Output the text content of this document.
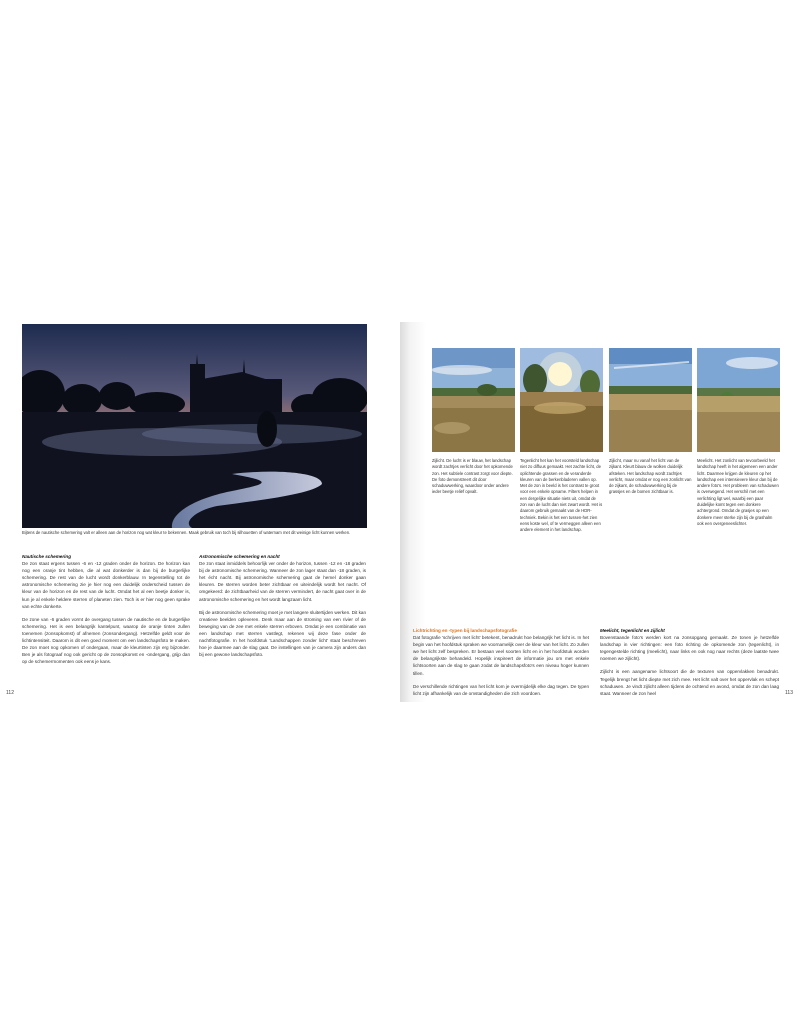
Bijtens de nautische schemering valt er alleen aan de horizon nog wat kleur te bekennen. Maak gebruik van toch bij silhouetten of waternam met dit weinige licht kunnen werken.

Nautische schemering

De zon staat ergens tussen -6 en -12 graden onder de horizon. De horizon kan nog een oranje tint hebben, die al wat donkerder is dan bij de burgerlijke schemering. De rest van de lucht wordt donkerblauw. In tegenstelling tot de astronomische schemering zie je hier nog een duidelijk onderscheid tussen de kleur van de horizon en de rest van de lucht. Omdat het al een beetje donker is, kun je al enkele heldere sterren of planeten zien. Toch is er hier nog geen sprake van echte donkerte.

De zone van -6 graden vormt de overgang tussen de nautische en de burgerlijke schemering. Het is een belangrijk kantelpunt, waarop de oranje tinten zullen toenemen (zonsopkomst) of afnemen (zonsondergang). Hetzelfde geldt voor de lichtintensiteit. Daarom is dit een goed moment om een landschapsfoto te maken. De zon moet nog opkomen of ondergaan, maar de kleurtinten zijn erg bijzonder. Ben je als fotograaf nog ook gericht op de zonsopkomst en -ondergang, grijp dan op de schemermomenten ook eens je kans.

Astronomische schemering en nacht

De zon staat inmiddels behoorlijk ver onder de horizon, tussen -12 en -18 graden bij de astronomische schemering. Wanneer de zon lager staat dan -18 graden, is het écht nacht. Bij astronomische schemering gaat de hemel donker gaan kleuren. De sterren worden beter zichtbaar en uiteindelijk wordt het nacht. Of omgekeerd: de zichtbaarheid van de sterren vermindert, de nacht gaat over in de astronomische schemering en het wordt langzaam licht.

Bij de astronomische schemering moet je met langere sluitertijden werken. Dit kan creatieve beelden opleveren. Denk maar aan de stroming van een rivier of de beweging van de zee met enkele sterren erboven. Omdat je een combinatie van een landschap met sterren vastlegt, rekenen wij deze fase onder de nachtfotografie. In het hoofdstuk 'Landschappen zonder licht' staat beschreven hoe je daarmee aan de slag gaat. De instellingen van je camera zijn anders dan bij een gewone landschapsfoto.

112
Zijlicht. De lucht is er blauw, het landschap wordt zachtjes verlicht door het opkomende zon. Het subtiele contrast zorgt voor diepte. De foto demonstreert dit door schaduwwerking, waardoor onder andere ieder beetje reliëf opvalt.
Tegenlicht het kan het voorsteld landschap niet zo diffuus gemaakt. Het zachte licht, de oplichtende grassen en de veranderde kleuren van de berkenbladeren vallen op. Met de zon in beeld is het contrast te groot voor een enkele opname. Filters helpen in een dergelijke situatie niets uit, omdat de zon van de lucht dan niet zwart wordt. Het is daarom gebruik gemaakt van de HDR-techniek. Bekin is het een tussen-het zien eens koste wel, of te vermeggen alleen een andere element in het landschap.
Zijlicht, maar nu vanaf het licht van de zijkant. Kleurt blauw de wolken duidelijk afsteken. Het landschap wordt zachtjes verlicht, maar omdat er nog een zonlicht van de zijkant, de schaduwwerking bij de grassjes en de bomen zichtbaar is.
Meelicht. Het zonlicht van tevoorbeeld het landschap heeft in het algemeen een ander licht. Daarmee krijgen de kleuren op het landschap een intensievere kleur dan bij de andere foto's. Het probleem van schaduwen is overwegend. Het verschil met een verlichting ligt wel, waarbij een paar duidelijke komt tegen een donkere achtergrond. Omdat de grasjes op een donkere meer sterke zijn bij de grashalm ook een overgeneeslichter.

Lichtrichting en -typen bij landschapsfotografie

Dat fotografie 'schrijven met licht' betekent, benadrukt hoe belangrijk het licht is. In het begin van het hoofdstuk spraken we voornamelijk over de kleur van het licht. Zo zullen we het licht zelf bespreken. Er bestaan veel soorten licht en in het hoofdstuk worden de belangrijkste behandeld. Hopelijk inspireert de informatie jou om met enkele lichtsoorten aan de slag te gaan zodat de landschapsfoto's een niveau hoger kunnen tillen.

De verschillende richtingen van het licht kom je overmijdelijk elke dag tegen. De typen licht zijn afhankelijk van de omstandigheden die zich voordoen.

Meelicht, tegenlicht en zijlicht

Bovenstaande foto's werden kort na zonsopgang gemaakt. Ze tonen je hetzelfde landschap in vier richtingen: een foto richting de opkomende zon (tegenlicht), in tegengestelde richting (meelicht), naar links en ook nog naar rechts (deze laatste twee noemen we zijlicht).

Zijlicht is een aangename lichtsoort die de texturen van oppervlakken benadrukt. Tegelijk brengt het licht diepte met zich mee. Het licht valt over het oppervlak en schept schaduwen. Je vindt zijlicht alleen tijdens de ochtend en avond, omdat de zon dan laag staat. Wanneer de zon heel	113
